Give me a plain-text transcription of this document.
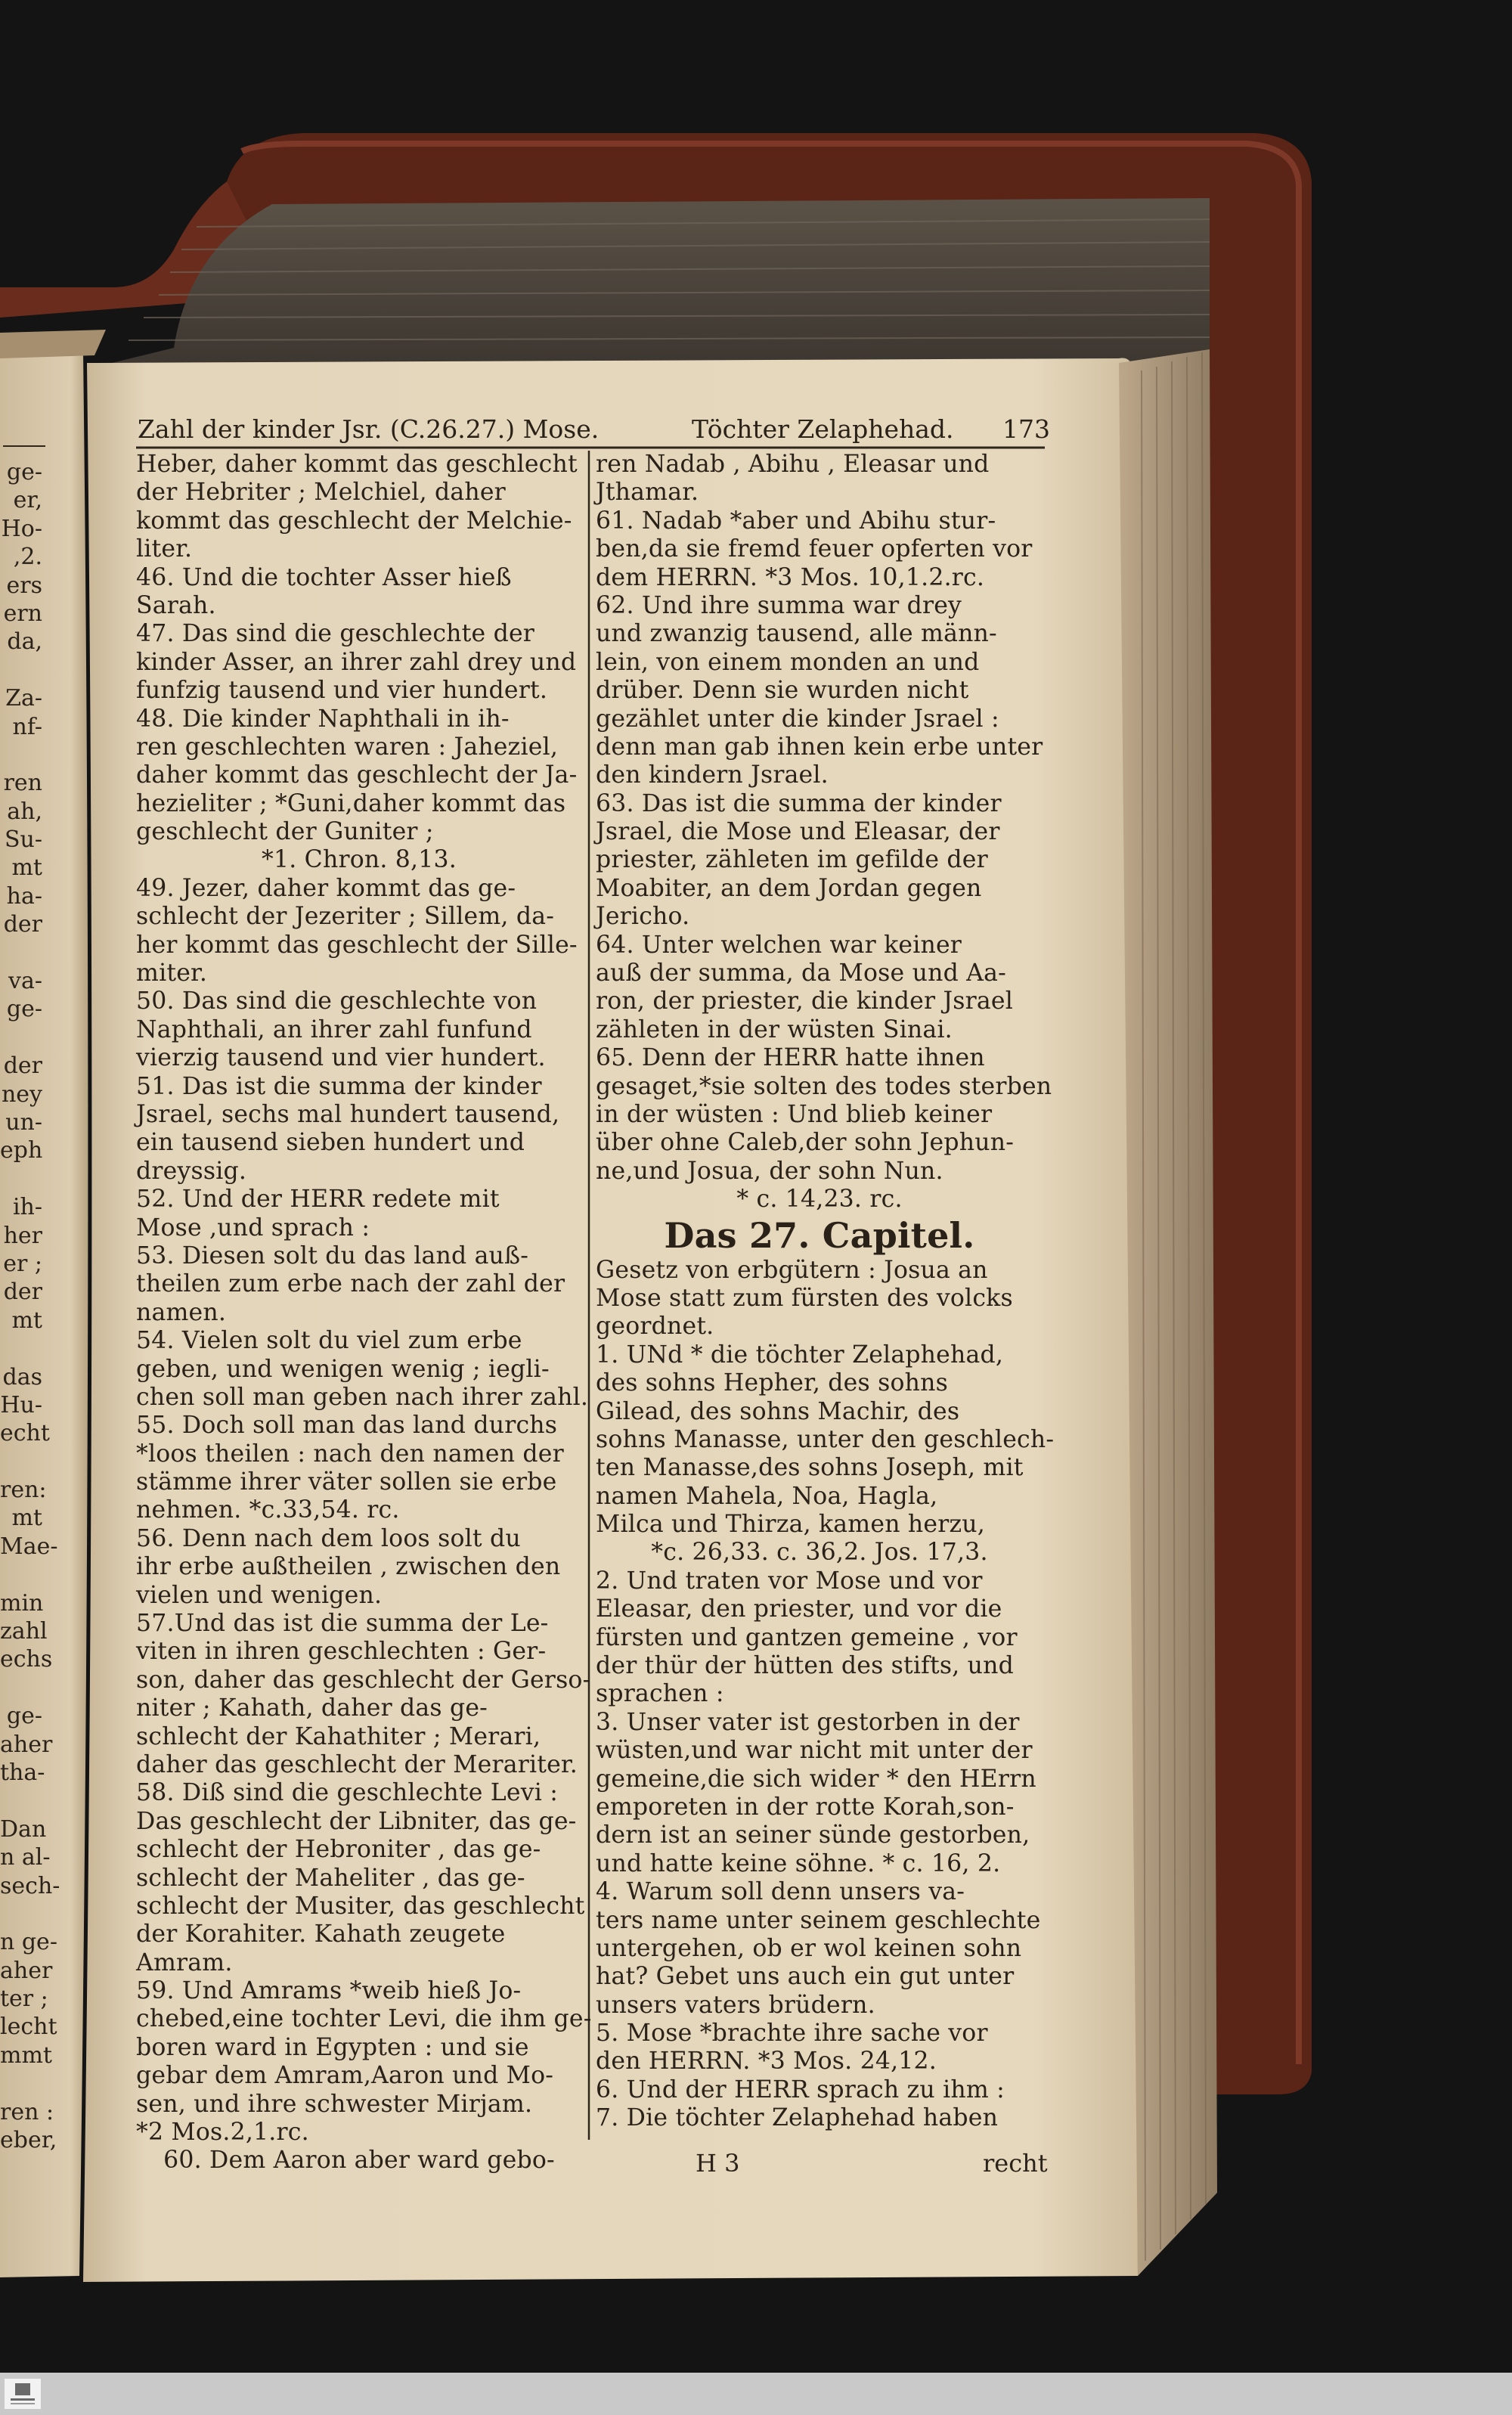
Zahl der kinder Jsr. (C.26.27.) Mose.	Töchter Zelaphehad. 173
Heber, daher kommt das geschlecht
der Hebriter ; Melchiel, daher
kommt das geschlecht der Melchie-
liter.
46. Und die tochter Asser hieß
Sarah.
47. Das sind die geschlechte der
kinder Asser, an ihrer zahl drey und
funfzig tausend und vier hundert.
48. Die kinder Naphthali in ih-
ren geschlechten waren : Jaheziel,
daher kommt das geschlecht der Ja-
hezieliter ; *Guni,daher kommt das
geschlecht der Guniter ;
*1. Chron. 8,13.
49. Jezer, daher kommt das ge-
schlecht der Jezeriter ; Sillem, da-
her kommt das geschlecht der Sille-
miter.
50. Das sind die geschlechte von
Naphthali, an ihrer zahl funfund
vierzig tausend und vier hundert.
51. Das ist die summa der kinder
Jsrael, sechs mal hundert tausend,
ein tausend sieben hundert und
dreyssig.
52. Und der HERR redete mit
Mose ,und sprach :
53. Diesen solt du das land auß-
theilen zum erbe nach der zahl der
namen.
54. Vielen solt du viel zum erbe
geben, und wenigen wenig ; iegli-
chen soll man geben nach ihrer zahl.
55. Doch soll man das land durchs
*loos theilen : nach den namen der
stämme ihrer väter sollen sie erbe
nehmen. *c.33,54. rc.
56. Denn nach dem loos solt du
ihr erbe außtheilen , zwischen den
vielen und wenigen.
57.Und das ist die summa der Le-
viten in ihren geschlechten : Ger-
son, daher das geschlecht der Gerso-
niter ; Kahath, daher das ge-
schlecht der Kahathiter ; Merari,
daher das geschlecht der Merariter.
58. Diß sind die geschlechte Levi :
Das geschlecht der Libniter, das ge-
schlecht der Hebroniter , das ge-
schlecht der Maheliter , das ge-
schlecht der Musiter, das geschlecht
der Korahiter. Kahath zeugete
Amram.
59. Und Amrams *weib hieß Jo-
chebed,eine tochter Levi, die ihm ge-
boren ward in Egypten : und sie
gebar dem Amram,Aaron und Mo-
sen, und ihre schwester Mirjam.
*2 Mos.2,1.rc.
60. Dem Aaron aber ward gebo-
ren Nadab , Abihu , Eleasar und
Jthamar.
61. Nadab *aber und Abihu stur-
ben,da sie fremd feuer opferten vor
dem HERRN. *3 Mos. 10,1.2.rc.
62. Und ihre summa war drey
und zwanzig tausend, alle männ-
lein, von einem monden an und
drüber. Denn sie wurden nicht
gezählet unter die kinder Jsrael :
denn man gab ihnen kein erbe unter
den kindern Jsrael.
63. Das ist die summa der kinder
Jsrael, die Mose und Eleasar, der
priester, zähleten im gefilde der
Moabiter, an dem Jordan gegen
Jericho.
64. Unter welchen war keiner
auß der summa, da Mose und Aa-
ron, der priester, die kinder Jsrael
zähleten in der wüsten Sinai.
65. Denn der HERR hatte ihnen
gesaget,*sie solten des todes sterben
in der wüsten : Und blieb keiner
über ohne Caleb,der sohn Jephun-
ne,und Josua, der sohn Nun.
* c. 14,23. rc.
Das 27. Capitel.
Gesetz von erbgütern : Josua an
Mose statt zum fürsten des volcks
geordnet.
1. UNd * die töchter Zelaphehad,
des sohns Hepher, des sohns
Gilead, des sohns Machir, des
sohns Manasse, unter den geschlech-
ten Manasse,des sohns Joseph, mit
namen Mahela, Noa, Hagla,
Milca und Thirza, kamen herzu,
*c. 26,33. c. 36,2. Jos. 17,3.
2. Und traten vor Mose und vor
Eleasar, den priester, und vor die
fürsten und gantzen gemeine , vor
der thür der hütten des stifts, und
sprachen :
3. Unser vater ist gestorben in der
wüsten,und war nicht mit unter der
gemeine,die sich wider * den HErrn
emporeten in der rotte Korah,son-
dern ist an seiner sünde gestorben,
und hatte keine söhne. * c. 16, 2.
4. Warum soll denn unsers va-
ters name unter seinem geschlechte
untergehen, ob er wol keinen sohn
hat? Gebet uns auch ein gut unter
unsers vaters brüdern.
5. Mose *brachte ihre sache vor
den HERRN. *3 Mos. 24,12.
6. Und der HERR sprach zu ihm :
7. Die töchter Zelaphehad haben
ge-
er,
Ho-
,2.
ers
ern
da,
Za-
nf-
ren
ah,
Su-
mt
ha-
der
va-
ge-
der
ney
un-
eph
ih-
her
er ;
der
mt
das
Hu-
echt
ren:
mt
Mae-
min
zahl
echs
ge-
aher
tha-
Dan
n al-
sech-
n ge-
aher
ter ;
lecht
mmt
ren :
eber,
H 3	recht
